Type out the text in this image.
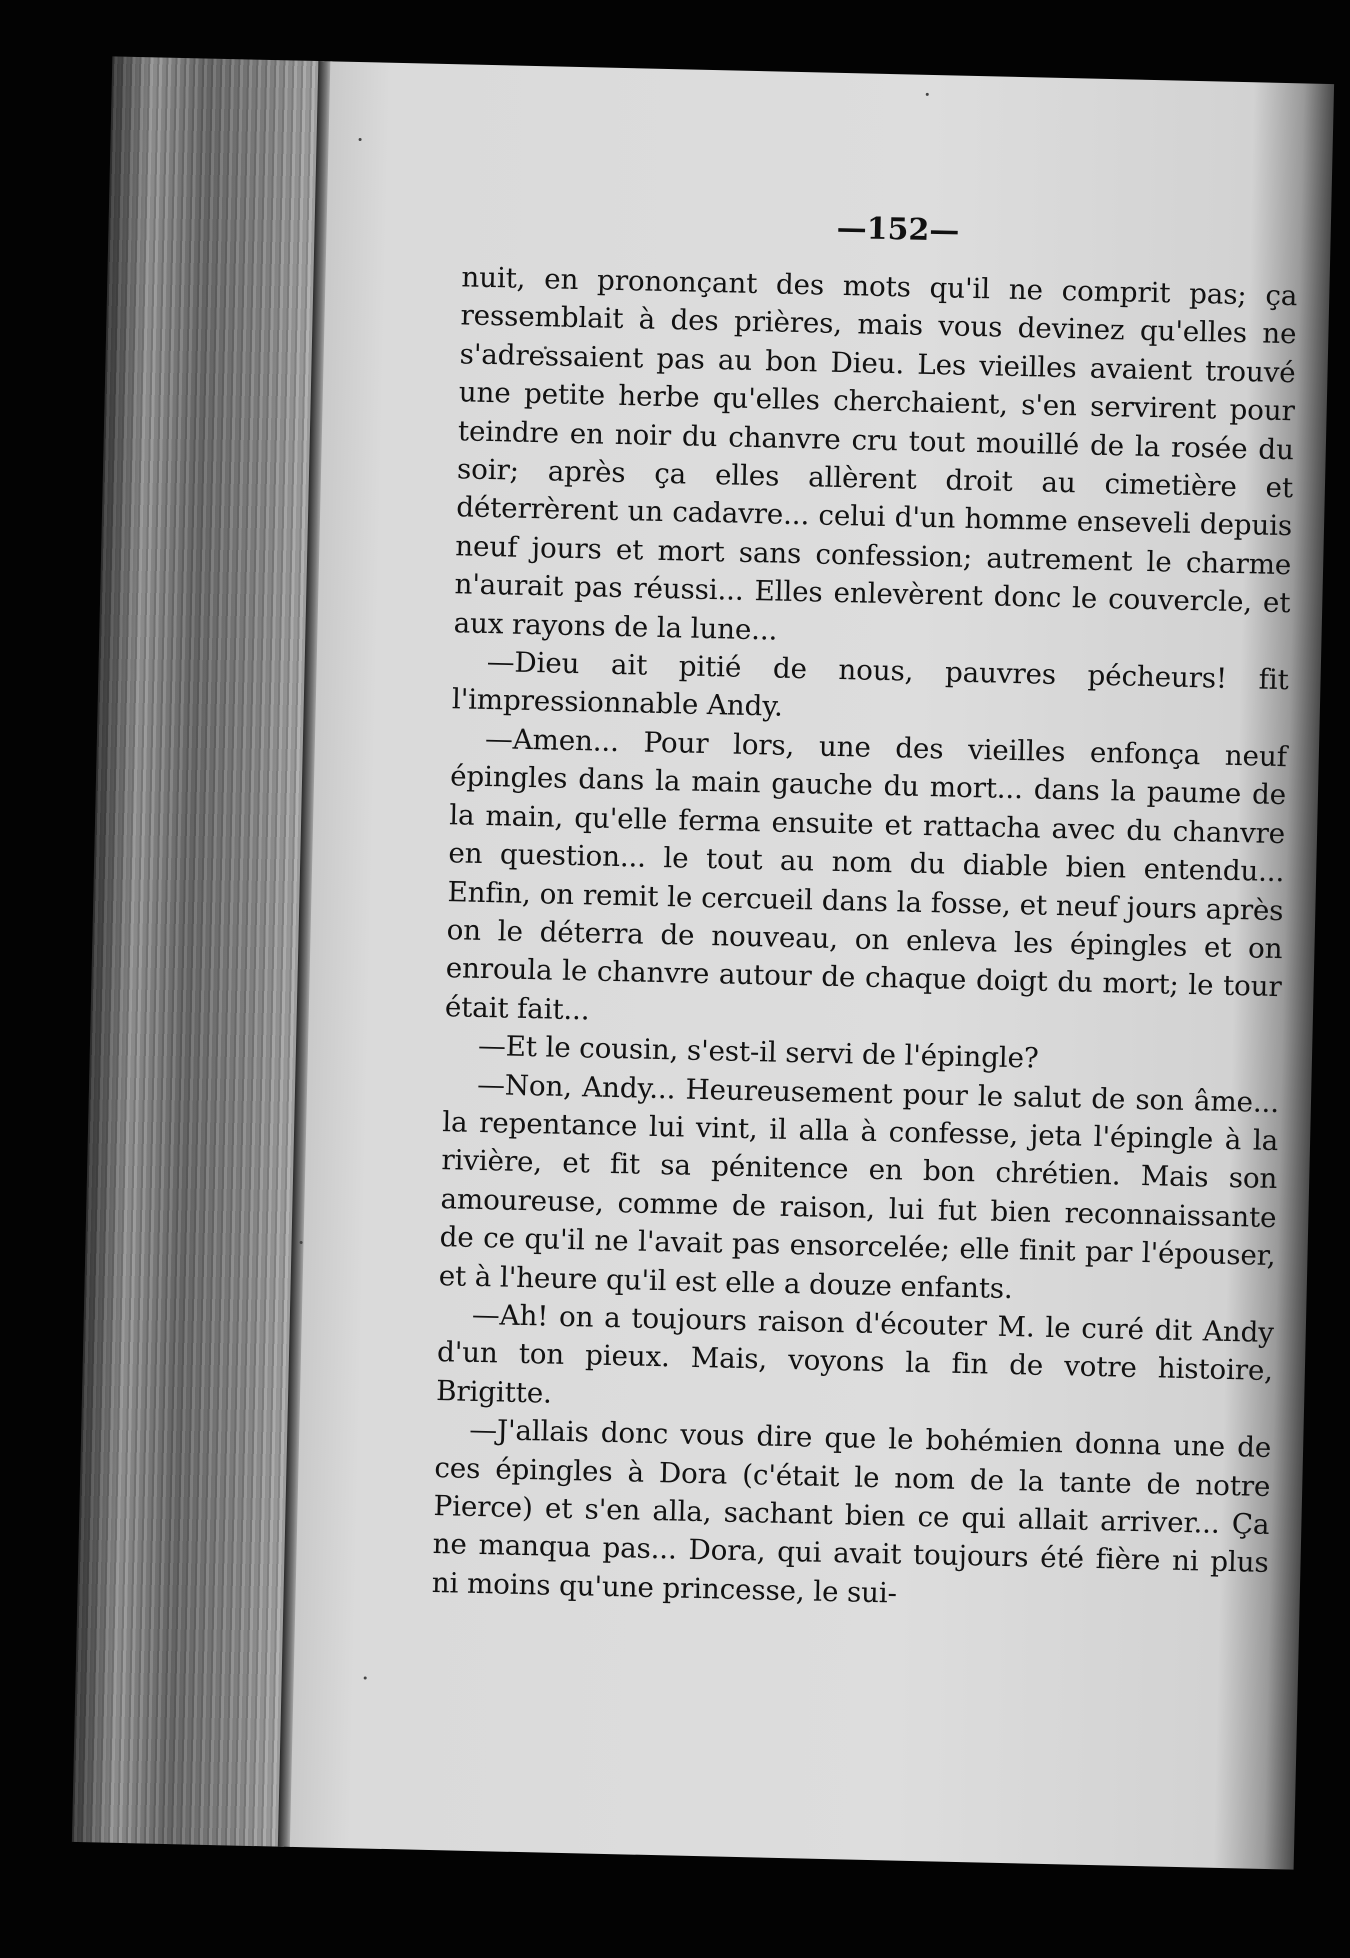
—152—

nuit, en prononçant des mots qu'il ne comprit pas; ça ressemblait à des prières, mais vous devinez qu'elles ne s'adressaient pas au bon Dieu. Les vieilles avaient trouvé une petite herbe qu'elles cherchaient, s'en servirent pour teindre en noir du chanvre cru tout mouillé de la rosée du soir; après ça elles allèrent droit au cimetière et déterrèrent un cadavre... celui d'un homme enseveli depuis neuf jours et mort sans confession; autrement le charme n'aurait pas réussi... Elles enlevèrent donc le couvercle, et aux rayons de la lune...

—Dieu ait pitié de nous, pauvres pécheurs! fit l'impressionnable Andy.

—Amen... Pour lors, une des vieilles enfonça neuf épingles dans la main gauche du mort... dans la paume de la main, qu'elle ferma ensuite et rattacha avec du chanvre en question... le tout au nom du diable bien entendu... Enfin, on remit le cercueil dans la fosse, et neuf jours après on le déterra de nouveau, on enleva les épingles et on enroula le chanvre autour de chaque doigt du mort; le tour était fait...

—Et le cousin, s'est-il servi de l'épingle?

—Non, Andy... Heureusement pour le salut de son âme... la repentance lui vint, il alla à confesse, jeta l'épingle à la rivière, et fit sa pénitence en bon chrétien. Mais son amoureuse, comme de raison, lui fut bien reconnaissante de ce qu'il ne l'avait pas ensorcelée; elle finit par l'épouser, et à l'heure qu'il est elle a douze enfants.

—Ah! on a toujours raison d'écouter M. le curé dit Andy d'un ton pieux. Mais, voyons la fin de votre histoire, Brigitte.

—J'allais donc vous dire que le bohémien donna une de ces épingles à Dora (c'était le nom de la tante de notre Pierce) et s'en alla, sachant bien ce qui allait arriver... Ça ne manqua pas... Dora, qui avait toujours été fière ni plus ni moins qu'une princesse, le sui-
